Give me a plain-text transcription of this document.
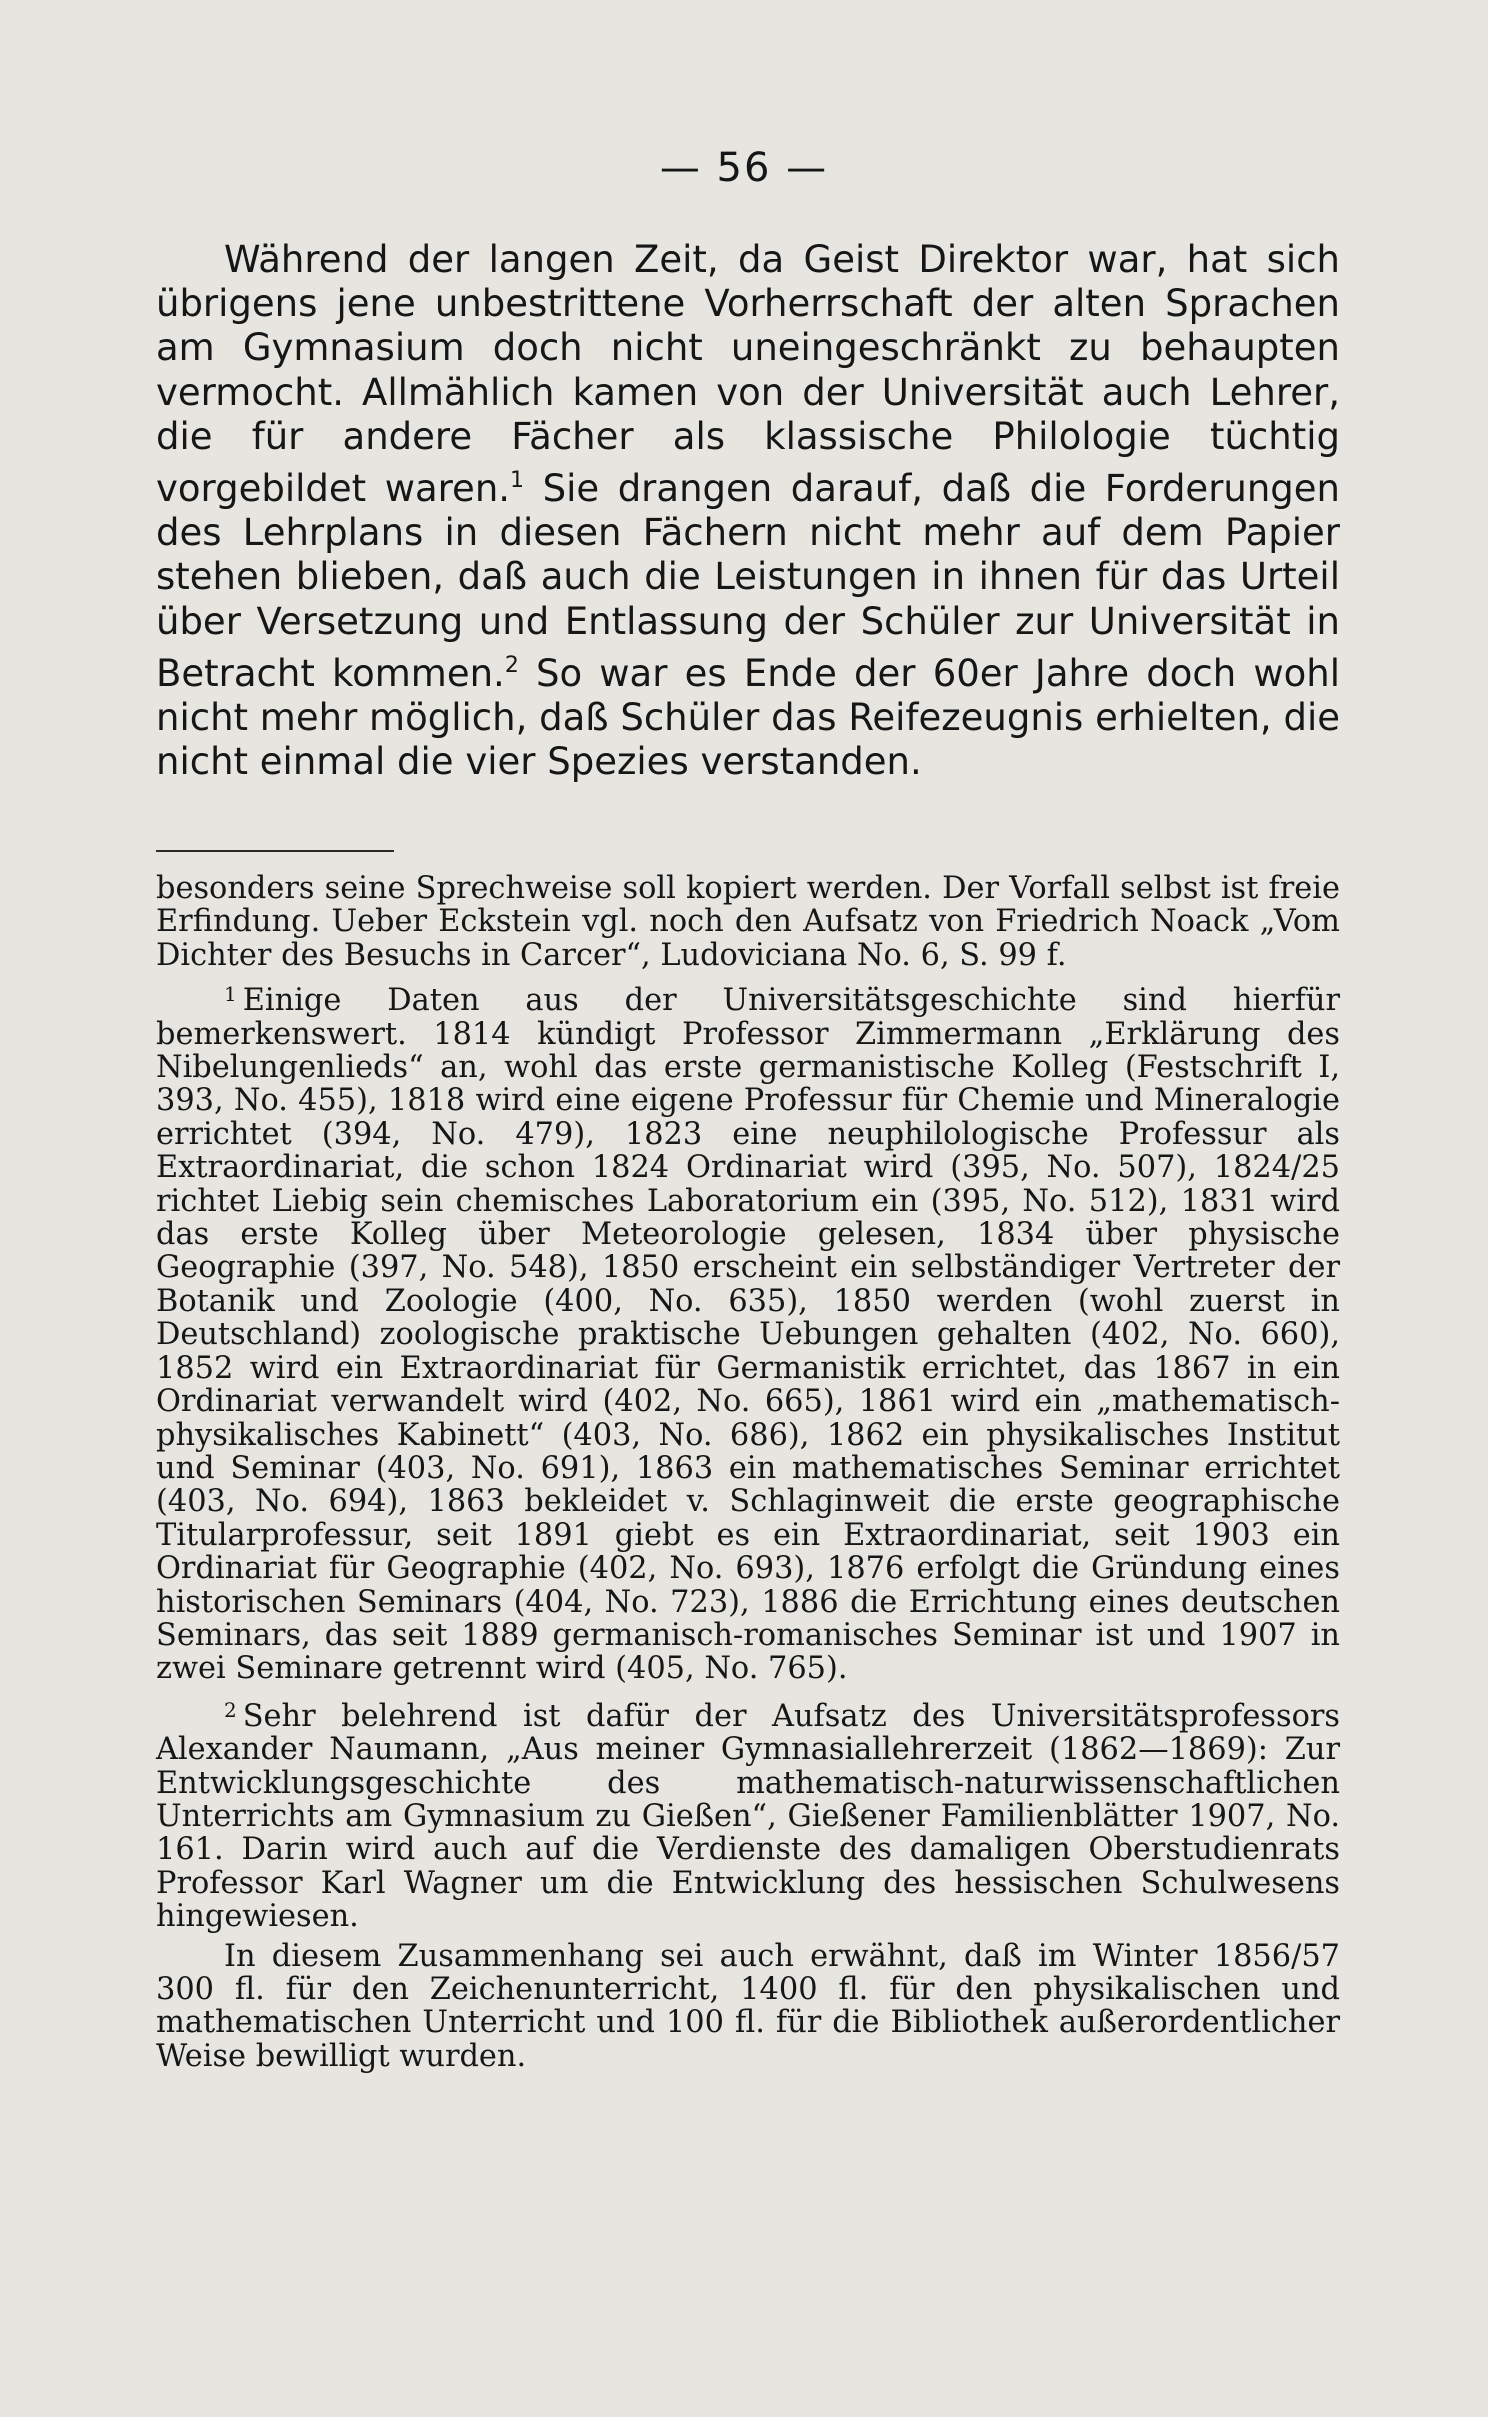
— 56 —

Während der langen Zeit, da Geist Direktor war, hat sich übrigens jene unbestrittene Vorherrschaft der alten Sprachen am Gymnasium doch nicht uneingeschränkt zu behaupten vermocht. Allmählich kamen von der Universität auch Lehrer, die für andere Fächer als klassische Philologie tüchtig vorgebildet waren.$^1$ Sie drangen darauf, daß die Forderungen des Lehrplans in diesen Fächern nicht mehr auf dem Papier stehen blieben, daß auch die Leistungen in ihnen für das Urteil über Versetzung und Entlassung der Schüler zur Universität in Betracht kommen.$^2$ So war es Ende der 60er Jahre doch wohl nicht mehr möglich, daß Schüler das Reifezeugnis erhielten, die nicht einmal die vier Spezies verstanden.

besonders seine Sprechweise soll kopiert werden. Der Vorfall selbst ist freie Erfindung. Ueber Eckstein vgl. noch den Aufsatz von Friedrich Noack „Vom Dichter des Besuchs in Carcer“, Ludoviciana No. 6, S. 99 f.

$^1$ Einige Daten aus der Universitätsgeschichte sind hierfür bemerkenswert. 1814 kündigt Professor Zimmermann „Erklärung des Nibelungenlieds“ an, wohl das erste germanistische Kolleg (Festschrift I, 393, No. 455), 1818 wird eine eigene Professur für Chemie und Mineralogie errichtet (394, No. 479), 1823 eine neuphilologische Professur als Extraordinariat, die schon 1824 Ordinariat wird (395, No. 507), 1824/25 richtet Liebig sein chemisches Laboratorium ein (395, No. 512), 1831 wird das erste Kolleg über Meteorologie gelesen, 1834 über physische Geographie (397, No. 548), 1850 erscheint ein selbständiger Vertreter der Botanik und Zoologie (400, No. 635), 1850 werden (wohl zuerst in Deutschland) zoologische praktische Uebungen gehalten (402, No. 660), 1852 wird ein Extraordinariat für Germanistik errichtet, das 1867 in ein Ordinariat verwandelt wird (402, No. 665), 1861 wird ein „mathematisch-physikalisches Kabinett“ (403, No. 686), 1862 ein physikalisches Institut und Seminar (403, No. 691), 1863 ein mathematisches Seminar errichtet (403, No. 694), 1863 bekleidet v. Schlaginweit die erste geographische Titularprofessur, seit 1891 giebt es ein Extraordinariat, seit 1903 ein Ordinariat für Geographie (402, No. 693), 1876 erfolgt die Gründung eines historischen Seminars (404, No. 723), 1886 die Errichtung eines deutschen Seminars, das seit 1889 germanisch-romanisches Seminar ist und 1907 in zwei Seminare getrennt wird (405, No. 765).

$^2$ Sehr belehrend ist dafür der Aufsatz des Universitätsprofessors Alexander Naumann, „Aus meiner Gymnasiallehrerzeit (1862—1869): Zur Entwicklungsgeschichte des mathematisch-naturwissenschaftlichen Unterrichts am Gymnasium zu Gießen“, Gießener Familienblätter 1907, No. 161. Darin wird auch auf die Verdienste des damaligen Oberstudienrats Professor Karl Wagner um die Entwicklung des hessischen Schulwesens hingewiesen.

In diesem Zusammenhang sei auch erwähnt, daß im Winter 1856/57 300 fl. für den Zeichenunterricht, 1400 fl. für den physikalischen und mathematischen Unterricht und 100 fl. für die Bibliothek außerordentlicher Weise bewilligt wurden.
